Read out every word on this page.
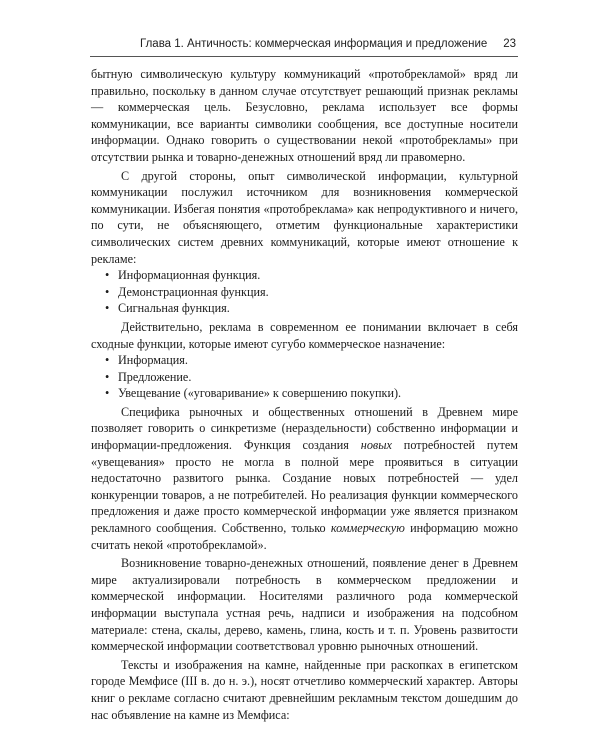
Глава 1. Античность: коммерческая информация и предложение 23

бытную символическую культуру коммуникаций «протобрекламой» вряд ли правильно, поскольку в данном случае отсутствует решающий признак рекламы — коммерческая цель. Безусловно, реклама использует все формы коммуникации, все варианты символики сообщения, все доступные носители информации. Однако говорить о существовании некой «протобрекламы» при отсутствии рынка и товарно-денежных отношений вряд ли правомерно.

С другой стороны, опыт символической информации, культурной коммуникации послужил источником для возникновения коммерческой коммуникации. Избегая понятия «протобреклама» как непродуктивного и ничего, по сути, не объясняющего, отметим функциональные характеристики символических систем древних коммуникаций, которые имеют отношение к рекламе:

• Информационная функция.
• Демонстрационная функция.
• Сигнальная функция.

Действительно, реклама в современном ее понимании включает в себя сходные функции, которые имеют сугубо коммерческое назначение:

• Информация.
• Предложение.
• Увещевание («уговаривание» к совершению покупки).

Специфика рыночных и общественных отношений в Древнем мире позволяет говорить о синкретизме (нераздельности) собственно информации и информации-предложения. Функция создания новых потребностей путем «увещевания» просто не могла в полной мере проявиться в ситуации недостаточно развитого рынка. Создание новых потребностей — удел конкуренции товаров, а не потребителей. Но реализация функции коммерческого предложения и даже просто коммерческой информации уже является признаком рекламного сообщения. Собственно, только коммерческую информацию можно считать некой «протобрекламой».

Возникновение товарно-денежных отношений, появление денег в Древнем мире актуализировали потребность в коммерческом предложении и коммерческой информации. Носителями различного рода коммерческой информации выступала устная речь, надписи и изображения на подсобном материале: стена, скалы, дерево, камень, глина, кость и т. п. Уровень развитости коммерческой информации соответствовал уровню рыночных отношений.

Тексты и изображения на камне, найденные при раскопках в египетском городе Мемфисе (III в. до н. э.), носят отчетливо коммерческий характер. Авторы книг о рекламе согласно считают древнейшим рекламным текстом дошедшим до нас объявление на камне из Мемфиса:
